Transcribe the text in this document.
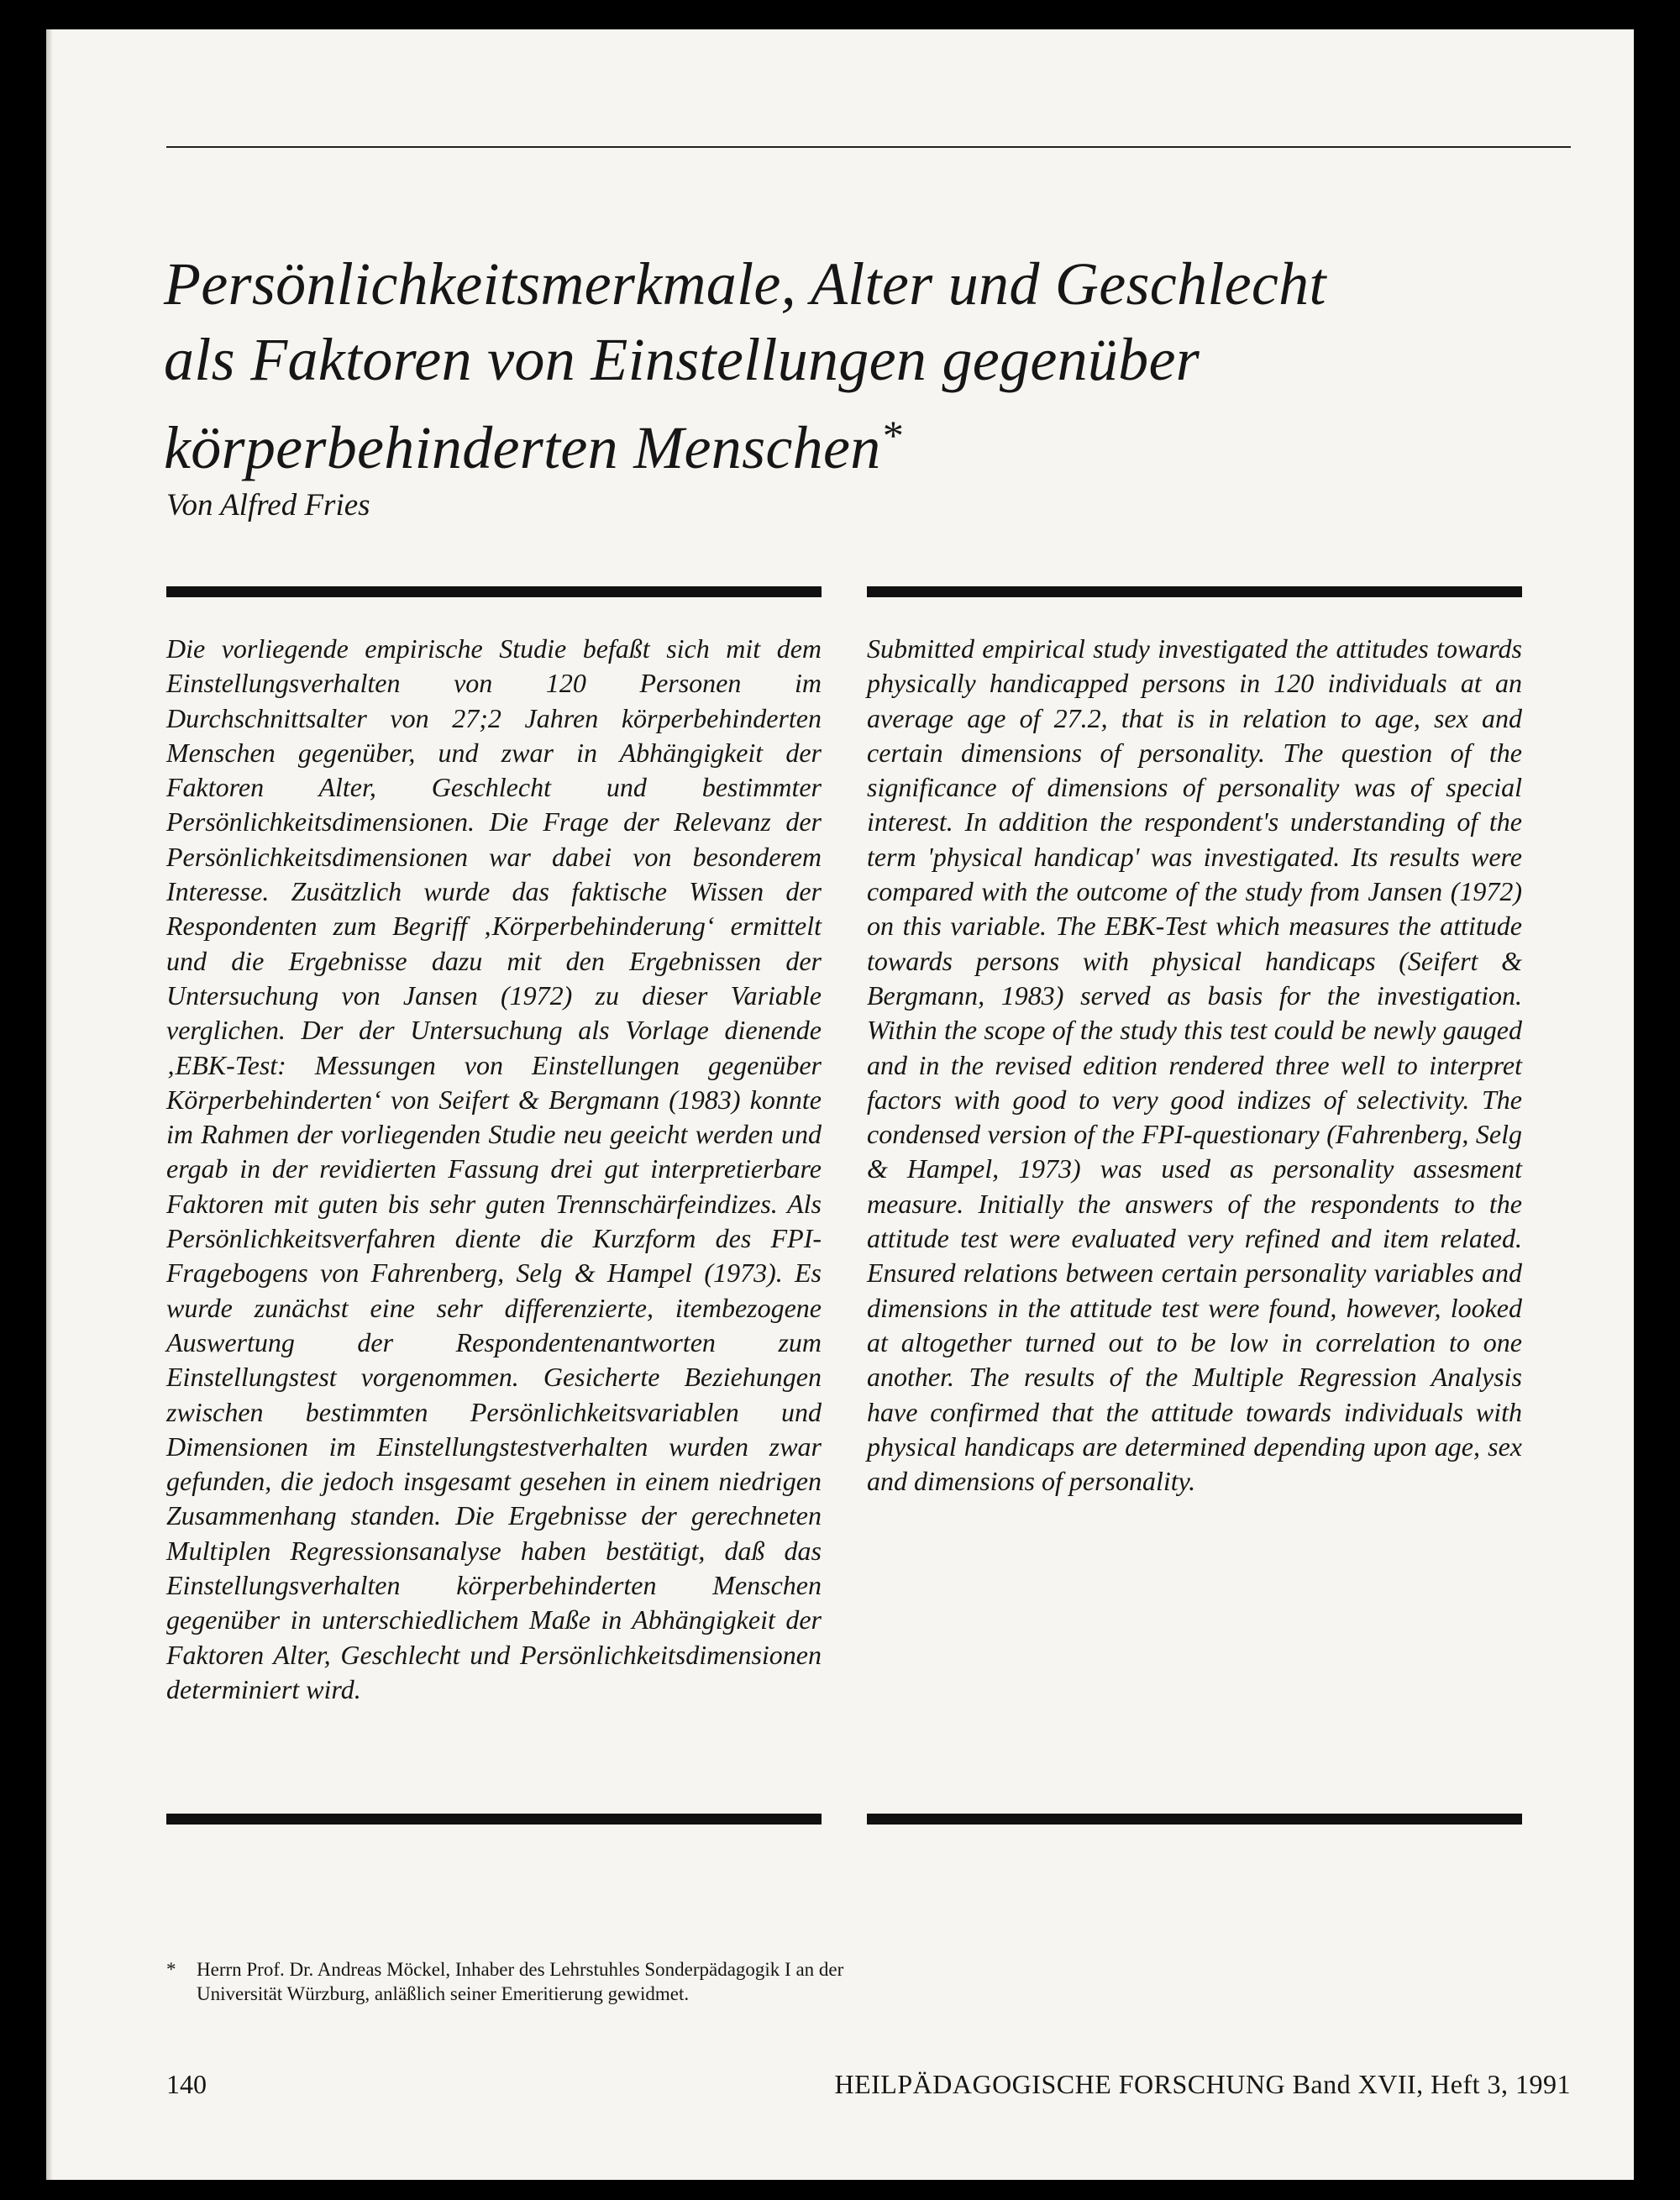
Persönlichkeitsmerkmale, Alter und Geschlecht
als Faktoren von Einstellungen gegenüber
körperbehinderten Menschen*

Von Alfred Fries

Die vorliegende empirische Studie befaßt sich mit dem Einstellungsverhalten von 120 Personen im Durchschnittsalter von 27;2 Jahren körperbehinderten Menschen gegenüber, und zwar in Abhängigkeit der Faktoren Alter, Geschlecht und bestimmter Persönlichkeitsdimensionen. Die Frage der Relevanz der Persönlichkeitsdimensionen war dabei von besonderem Interesse. Zusätzlich wurde das faktische Wissen der Respondenten zum Begriff ‚Körperbehinderung‘ ermittelt und die Ergebnisse dazu mit den Ergebnissen der Untersuchung von Jansen (1972) zu dieser Variable verglichen. Der der Untersuchung als Vorlage dienende ‚EBK-Test: Messungen von Einstellungen gegenüber Körperbehinderten‘ von Seifert & Bergmann (1983) konnte im Rahmen der vorliegenden Studie neu geeicht werden und ergab in der revidierten Fassung drei gut interpretierbare Faktoren mit guten bis sehr guten Trennschärfeindizes. Als Persönlichkeitsverfahren diente die Kurzform des FPI-Fragebogens von Fahrenberg, Selg & Hampel (1973). Es wurde zunächst eine sehr differenzierte, itembezogene Auswertung der Respondentenantworten zum Einstellungstest vorgenommen. Gesicherte Beziehungen zwischen bestimmten Persönlichkeitsvariablen und Dimensionen im Einstellungstestverhalten wurden zwar gefunden, die jedoch insgesamt gesehen in einem niedrigen Zusammenhang standen. Die Ergebnisse der gerechneten Multiplen Regressionsanalyse haben bestätigt, daß das Einstellungsverhalten körperbehinderten Menschen gegenüber in unterschiedlichem Maße in Abhängigkeit der Faktoren Alter, Geschlecht und Persönlichkeitsdimensionen determiniert wird.

Submitted empirical study investigated the attitudes towards physically handicapped persons in 120 individuals at an average age of 27.2, that is in relation to age, sex and certain dimensions of personality. The question of the significance of dimensions of personality was of special interest. In addition the respondent's understanding of the term 'physical handicap' was investigated. Its results were compared with the outcome of the study from Jansen (1972) on this variable. The EBK-Test which measures the attitude towards persons with physical handicaps (Seifert & Bergmann, 1983) served as basis for the investigation. Within the scope of the study this test could be newly gauged and in the revised edition rendered three well to interpret factors with good to very good indizes of selectivity. The condensed version of the FPI-questionary (Fahrenberg, Selg & Hampel, 1973) was used as personality assesment measure. Initially the answers of the respondents to the attitude test were evaluated very refined and item related. Ensured relations between certain personality variables and dimensions in the attitude test were found, however, looked at altogether turned out to be low in correlation to one another. The results of the Multiple Regression Analysis have confirmed that the attitude towards individuals with physical handicaps are determined depending upon age, sex and dimensions of personality.

* Herrn Prof. Dr. Andreas Möckel, Inhaber des Lehrstuhles Sonderpädagogik I an der Universität Würzburg, anläßlich seiner Emeritierung gewidmet.

140	HEILPÄDAGOGISCHE FORSCHUNG Band XVII, Heft 3, 1991
